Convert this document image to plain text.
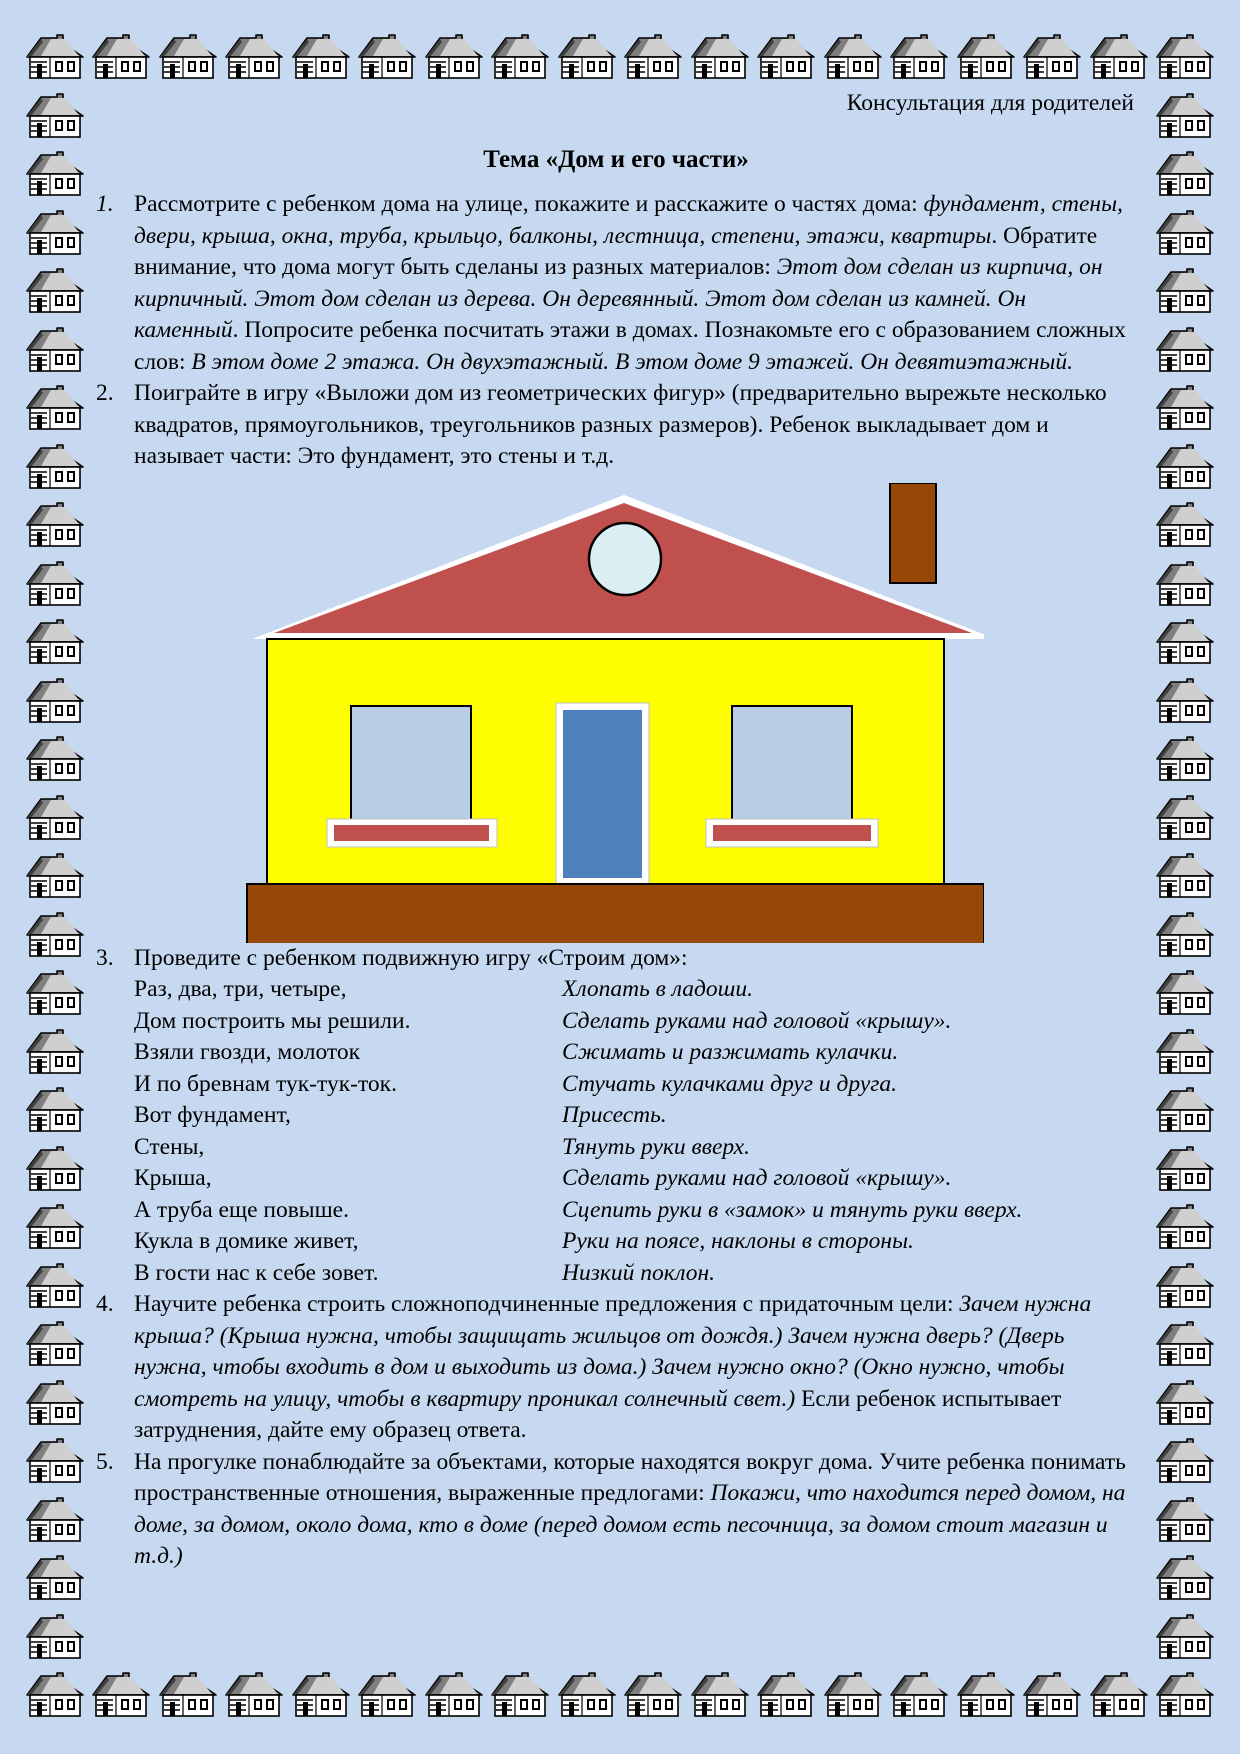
Консультация для родителей

Тема «Дом и его части»

1. Рассмотрите с ребенком дома на улице, покажите и расскажите о частях дома: фундамент, стены, двери, крыша, окна, труба, крыльцо, балконы, лестница, степени, этажи, квартиры. Обратите внимание, что дома могут быть сделаны из разных материалов: Этот дом сделан из кирпича, он кирпичный. Этот дом сделан из дерева. Он деревянный. Этот дом сделан из камней. Он каменный. Попросите ребенка посчитать этажи в домах. Познакомьте его с образованием сложных слов: В этом доме 2 этажа. Он двухэтажный. В этом доме 9 этажей. Он девятиэтажный.
2. Поиграйте в игру «Выложи дом из геометрических фигур» (предварительно вырежьте несколько квадратов, прямоугольников, треугольников разных размеров). Ребенок выкладывает дом и называет части: Это фундамент, это стены и т.д.
3. Проведите с ребенком подвижную игру «Строим дом»:
Раз, два, три, четыре,	Хлопать в ладоши.
Дом построить мы решили.	Сделать руками над головой «крышу».
Взяли гвозди, молоток	Сжимать и разжимать кулачки.
И по бревнам тук-тук-ток.	Стучать кулачками друг и друга.
Вот фундамент,	Присесть.
Стены,	Тянуть руки вверх.
Крыша,	Сделать руками над головой «крышу».
А труба еще повыше.	Сцепить руки в «замок» и тянуть руки вверх.
Кукла в домике живет,	Руки на поясе, наклоны в стороны.
В гости нас к себе зовет.	Низкий поклон.
4. Научите ребенка строить сложноподчиненные предложения с придаточным цели: Зачем нужна крыша? (Крыша нужна, чтобы защищать жильцов от дождя.) Зачем нужна дверь? (Дверь нужна, чтобы входить в дом и выходить из дома.) Зачем нужно окно? (Окно нужно, чтобы смотреть на улицу, чтобы в квартиру проникал солнечный свет.) Если ребенок испытывает затруднения, дайте ему образец ответа.
5. На прогулке понаблюдайте за объектами, которые находятся вокруг дома. Учите ребенка понимать пространственные отношения, выраженные предлогами: Покажи, что находится перед домом, на доме, за домом, около дома, кто в доме (перед домом есть песочница, за домом стоит магазин и т.д.)
